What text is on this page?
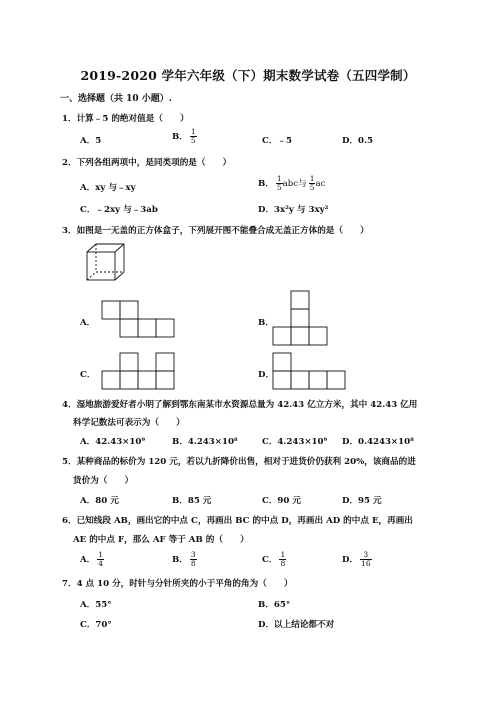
2019-2020 学年六年级（下）期末数学试卷（五四学制）
一、选择题（共 10 小题）.
1．计算﹣5 的绝对值是（　　）
A．5	B． $\frac{1}{5}$	C．﹣5	D．0.5
2．下列各组两项中，是同类项的是（　　）
A．xy 与﹣xy	B． $\frac{1}{5}$ abc与 $\frac{1}{5}$ ac
C．﹣2xy 与﹣3ab	D．3x²y 与 3xy²
3．如图是一无盖的正方体盒子，下列展开图不能叠合成无盖正方体的是（　　）
A．	B．
C．	D．
4．湿地旅游爱好者小明了解到鄂东南某市水资源总量为 42.43 亿立方米，其中 42.43 亿用
科学记数法可表示为（　　）
A．42.43×10⁹	B．4.243×10⁸	C．4.243×10⁹ D．0.4243×10⁸
5．某种商品的标价为 120 元，若以九折降价出售，相对于进货价仍获利 20%，该商品的进
货价为（　　）
A．80 元	B．85 元	C．90 元	D．95 元
6．已知线段 AB，画出它的中点 C，再画出 BC 的中点 D，再画出 AD 的中点 E，再画出
AE 的中点 F，那么 AF 等于 AB 的（　　）
A． $\frac{1}{4}$	B． $\frac{3}{8}$	C． $\frac{1}{8}$	D． $\frac{3}{16}$
7．4 点 10 分，时针与分针所夹的小于平角的角为（　　）
A．55°	B．65°
C．70°	D．以上结论都不对
